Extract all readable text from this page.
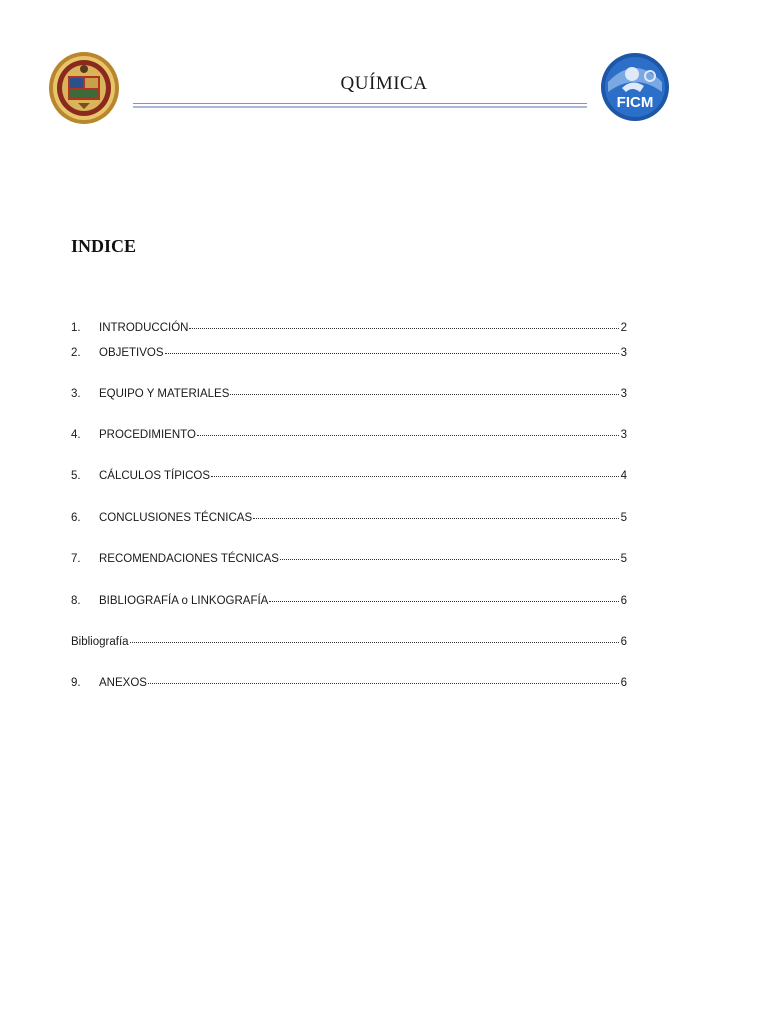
QUÍMICA
FICM
INDICE
1.	INTRODUCCIÓN	2
2.	OBJETIVOS	3
3.	EQUIPO Y MATERIALES	3
4.	PROCEDIMIENTO	3
5.	CÁLCULOS TÍPICOS	4
6.	CONCLUSIONES TÉCNICAS	5
7.	RECOMENDACIONES TÉCNICAS	5
8.	BIBLIOGRAFÍA o LINKOGRAFÍA	6
Bibliografía	6
9.	ANEXOS	6
